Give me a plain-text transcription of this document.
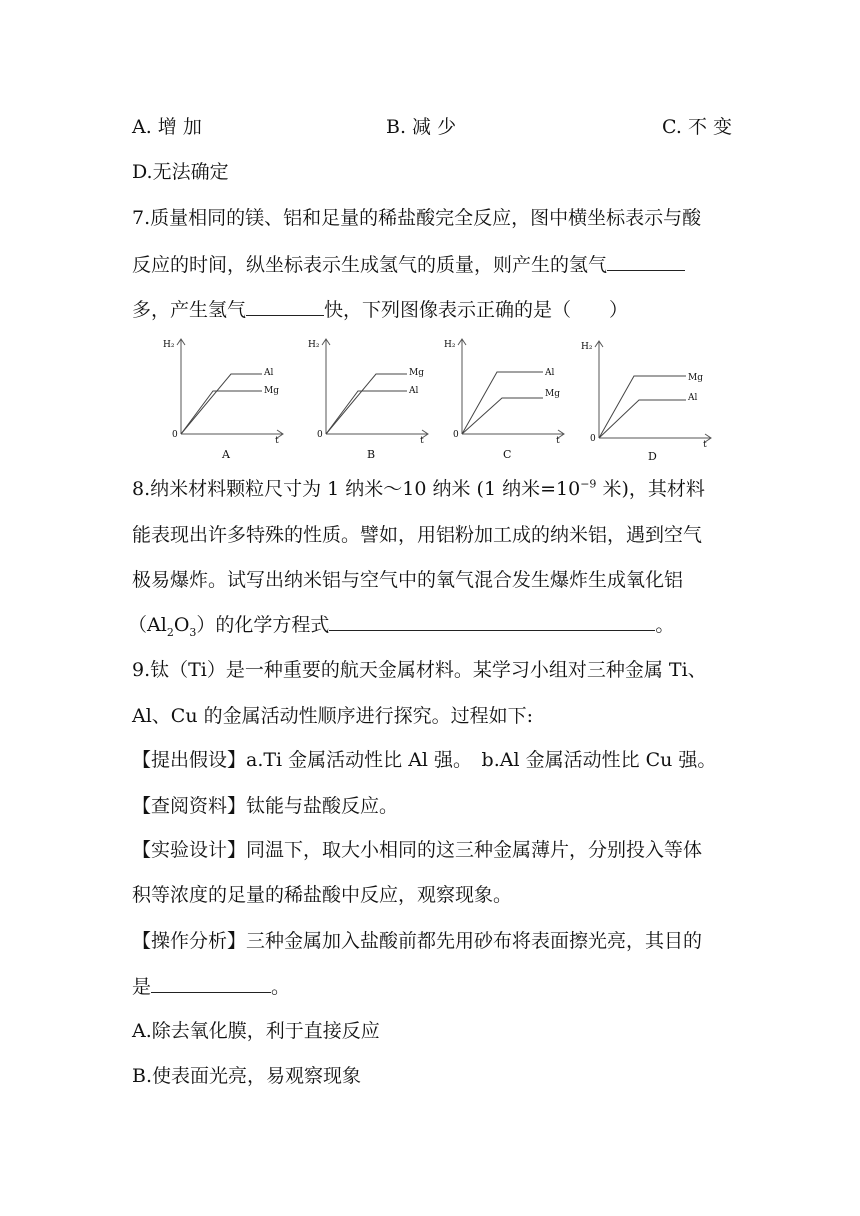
A. 增 加	B. 减 少	C. 不 变
D.无法确定
7.质量相同的镁、铝和足量的稀盐酸完全反应，图中横坐标表示与酸
反应的时间，纵坐标表示生成氢气的质量，则产生的氢气
多，产生氢气	快，下列图像表示正确的是（　　）
H₂
0
t
Al
Mg
A
H₂
0
t
Mg
Al
B
H₂
0
t
Al
Mg
C
H₂
0
t
Mg
Al
D
8.纳米材料颗粒尺寸为 1 纳米～10 纳米 (1 纳米$=10^{-9}$ 米)，其材料
能表现出许多特殊的性质。譬如，用铝粉加工成的纳米铝，遇到空气
极易爆炸。试写出纳米铝与空气中的氧气混合发生爆炸生成氧化铝
$(Al_2O_3)$的化学方程式	。
9.钛（Ti）是一种重要的航天金属材料。某学习小组对三种金属 Ti、
Al、Cu 的金属活动性顺序进行探究。过程如下:
【提出假设】a.Ti 金属活动性比 Al 强。　b.Al 金属活动性比 Cu 强。
【查阅资料】钛能与盐酸反应。
【实验设计】同温下，取大小相同的这三种金属薄片，分别投入等体
积等浓度的足量的稀盐酸中反应，观察现象。
【操作分析】三种金属加入盐酸前都先用砂布将表面擦光亮，其目的
是	。
A.除去氧化膜，利于直接反应
B.使表面光亮，易观察现象
